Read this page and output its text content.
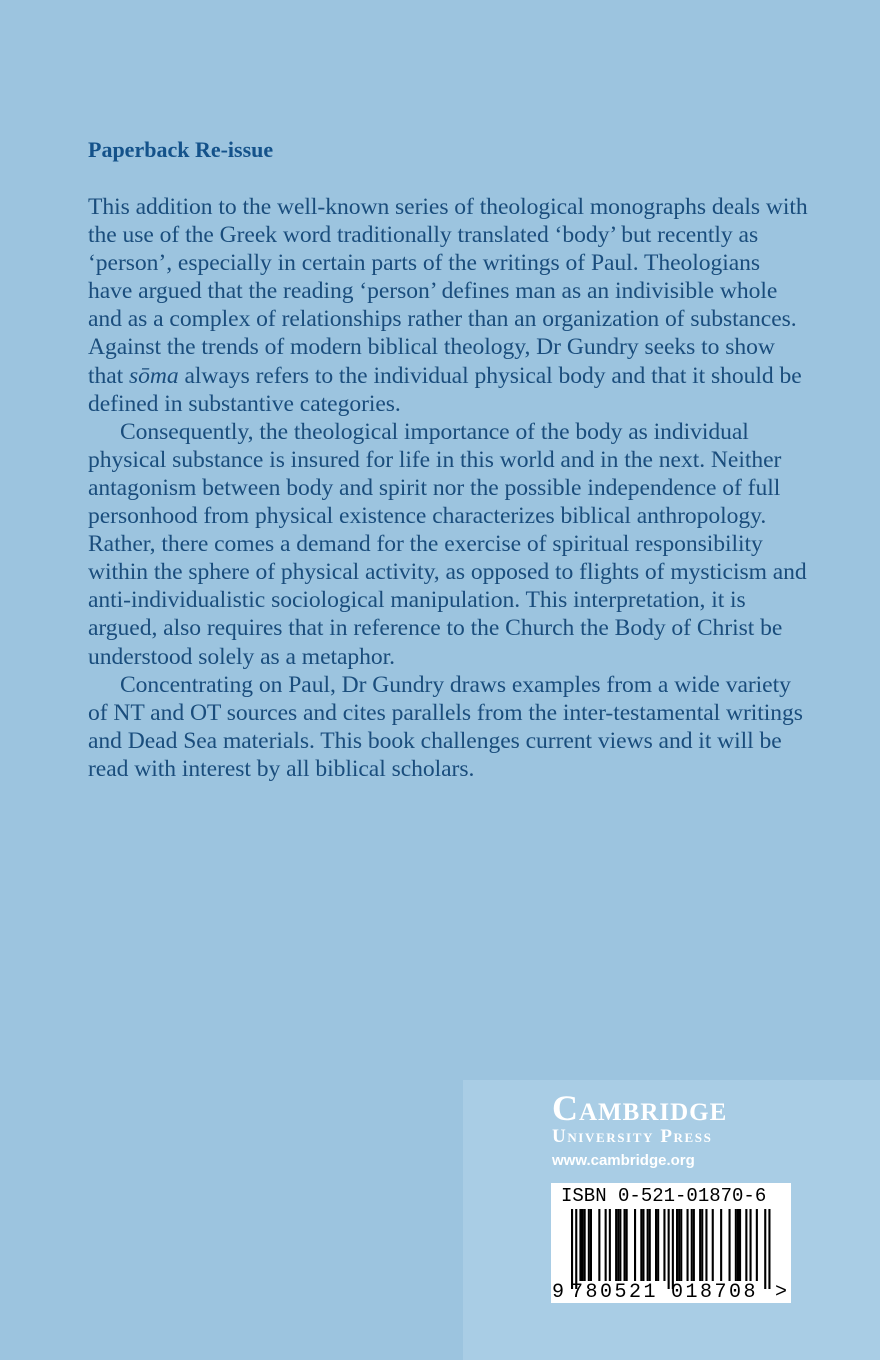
Paperback Re-issue

This addition to the well-known series of theological monographs deals with the use of the Greek word traditionally translated ‘body’ but recently as ‘person’, especially in certain parts of the writings of Paul. Theologians have argued that the reading ‘person’ defines man as an indivisible whole and as a complex of relationships rather than an organization of substances. Against the trends of modern biblical theology, Dr Gundry seeks to show that sōma always refers to the individual physical body and that it should be defined in substantive categories.

Consequently, the theological importance of the body as individual physical substance is insured for life in this world and in the next. Neither antagonism between body and spirit nor the possible independence of full personhood from physical existence characterizes biblical anthropology. Rather, there comes a demand for the exercise of spiritual responsibility within the sphere of physical activity, as opposed to flights of mysticism and anti-individualistic sociological manipulation. This interpretation, it is argued, also requires that in reference to the Church the Body of Christ be understood solely as a metaphor.

Concentrating on Paul, Dr Gundry draws examples from a wide variety of NT and OT sources and cites parallels from the inter-testamental writings and Dead Sea materials. This book challenges current views and it will be read with interest by all biblical scholars.

Cambridge
University Press
www.cambridge.org
ISBN 0-521-01870-6
9 780521 018708 >
